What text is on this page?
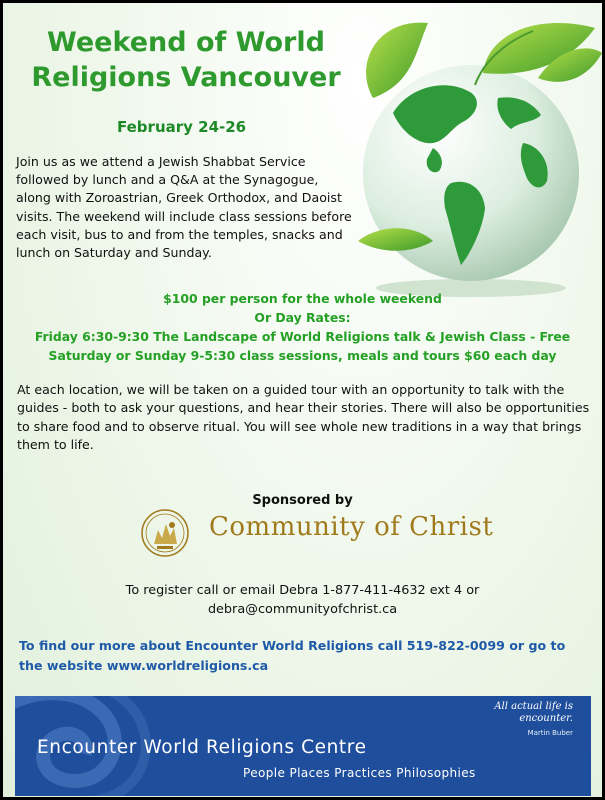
Weekend of World
Religions Vancouver
February 24-26
Join us as we attend a Jewish Shabbat Service followed by lunch and a Q&A at the Synagogue, along with Zoroastrian, Greek Orthodox, and Daoist visits. The weekend will include class sessions before each visit, bus to and from the temples, snacks and lunch on Saturday and Sunday.
$100 per person for the whole weekend
Or Day Rates:
Friday 6:30-9:30 The Landscape of World Religions talk & Jewish Class - Free
Saturday or Sunday 9-5:30 class sessions, meals and tours $60 each day
At each location, we will be taken on a guided tour with an opportunity to talk with the guides - both to ask your questions, and hear their stories. There will also be opportunities to share food and to observe ritual. You will see whole new traditions in a way that brings them to life.
Sponsored by
Community of Christ
To register call or email Debra 1-877-411-4632 ext 4 or
debra@communityofchrist.ca
To find our more about Encounter World Religions call 519-822-0099 or go to the website www.worldreligions.ca
Encounter World Religions Centre
People Places Practices Philosophies
All actual life is
encounter.
Martin Buber
